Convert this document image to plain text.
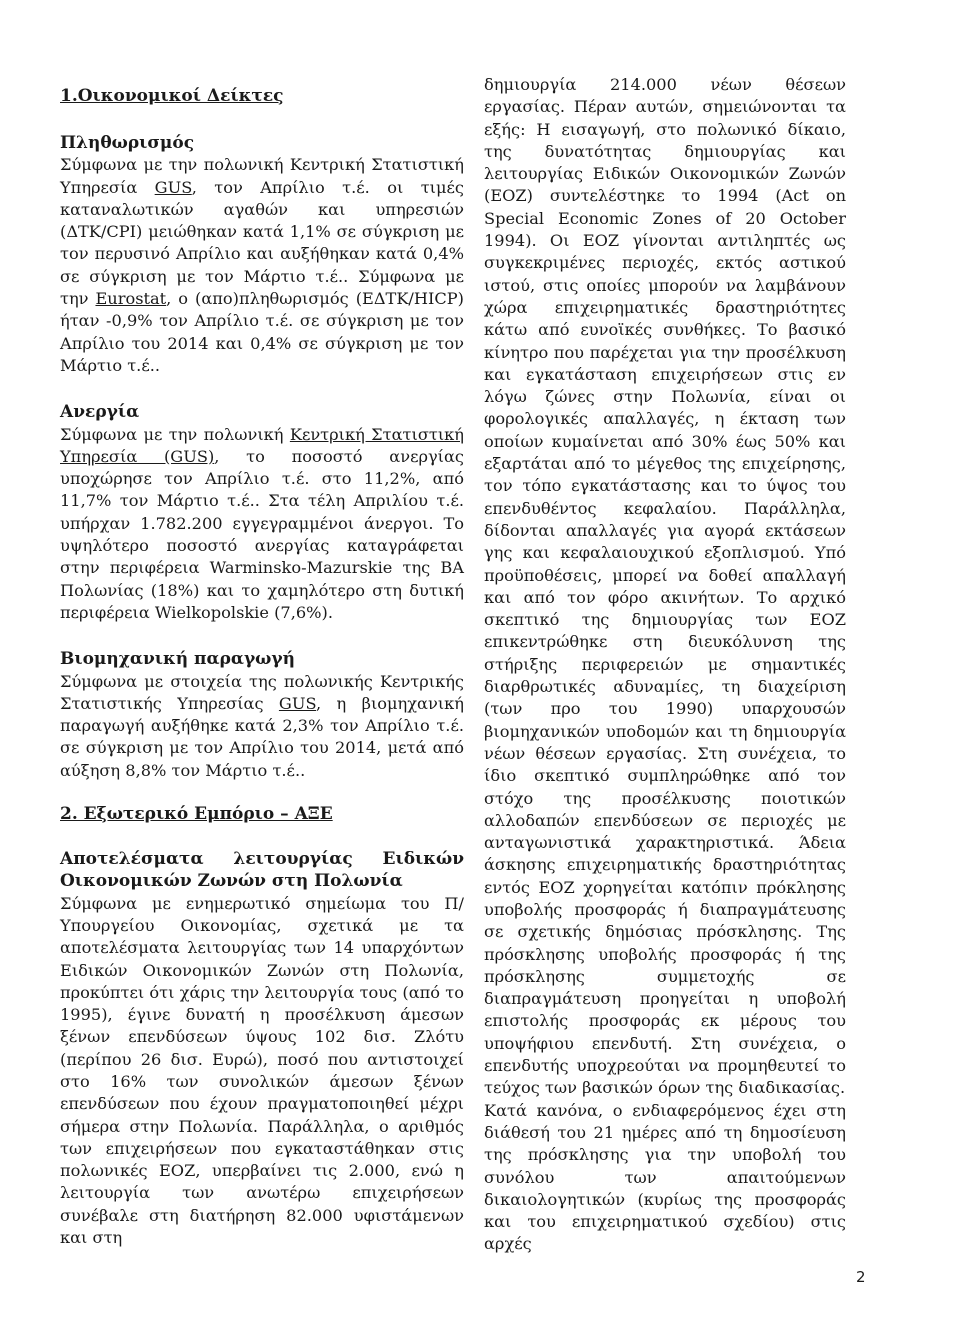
1.Οικονομικοί Δείκτες
Πληθωρισμός

Σύμφωνα με την πολωνική Κεντρική Στατιστική Υπηρεσία GUS, τον Απρίλιο τ.έ. οι τιμές καταναλωτικών αγαθών και υπηρεσιών (ΔΤΚ/CPI) μειώθηκαν κατά 1,1% σε σύγκριση με τον περυσινό Απρίλιο και αυξήθηκαν κατά 0,4% σε σύγκριση με τον Μάρτιο τ.έ.. Σύμφωνα με την Eurostat, ο (απο)πληθωρισμός (ΕΔΤΚ/HICP) ήταν -0,9% τον Απρίλιο τ.έ. σε σύγκριση με τον Απρίλιο του 2014 και 0,4% σε σύγκριση με τον Μάρτιο τ.έ..

Ανεργία

Σύμφωνα με την πολωνική Κεντρική Στατιστική Υπηρεσία (GUS), το ποσοστό ανεργίας υποχώρησε τον Απρίλιο τ.έ. στο 11,2%, από 11,7% τον Μάρτιο τ.έ.. Στα τέλη Απριλίου τ.έ. υπήρχαν 1.782.200 εγγεγραμμένοι άνεργοι. Το υψηλότερο ποσοστό ανεργίας καταγράφεται στην περιφέρεια Warminsko-Mazurskie της ΒΑ Πολωνίας (18%) και το χαμηλότερο στη δυτική περιφέρεια Wielkopolskie (7,6%).

Βιομηχανική παραγωγή

Σύμφωνα με στοιχεία της πολωνικής Κεντρικής Στατιστικής Υπηρεσίας GUS, η βιομηχανική παραγωγή αυξήθηκε κατά 2,3% τον Απρίλιο τ.έ. σε σύγκριση με τον Απρίλιο του 2014, μετά από αύξηση 8,8% τον Μάρτιο τ.έ..

2. Εξωτερικό Εμπόριο – ΑΞΕ
Αποτελέσματα λειτουργίας Ειδικών Οικονομικών Ζωνών στη Πολωνία

Σύμφωνα με ενημερωτικό σημείωμα του Π/Υπουργείου Οικονομίας, σχετικά με τα αποτελέσματα λειτουργίας των 14 υπαρχόντων Ειδικών Οικονομικών Ζωνών στη Πολωνία, προκύπτει ότι χάρις την λειτουργία τους (από το 1995), έγινε δυνατή η προσέλκυση άμεσων ξένων επενδύσεων ύψους 102 δισ. Ζλότυ (περίπου 26 δισ. Ευρώ), ποσό που αντιστοιχεί στο 16% των συνολικών άμεσων ξένων επενδύσεων που έχουν πραγματοποιηθεί μέχρι σήμερα στην Πολωνία. Παράλληλα, ο αριθμός των επιχειρήσεων που εγκαταστάθηκαν στις πολωνικές ΕΟΖ, υπερβαίνει τις 2.000, ενώ η λειτουργία των ανωτέρω επιχειρήσεων συνέβαλε στη διατήρηση 82.000 υφιστάμενων και στη

δημιουργία 214.000 νέων θέσεων εργασίας. Πέραν αυτών, σημειώνονται τα εξής: Η εισαγωγή, στο πολωνικό δίκαιο, της δυνατότητας δημιουργίας και λειτουργίας Ειδικών Οικονομικών Ζωνών (ΕΟΖ) συντελέστηκε το 1994 (Act on Special Economic Zones of 20 October 1994). Οι ΕΟΖ γίνονται αντιληπτές ως συγκεκριμένες περιοχές, εκτός αστικού ιστού, στις οποίες μπορούν να λαμβάνουν χώρα επιχειρηματικές δραστηριότητες κάτω από ευνοϊκές συνθήκες. Το βασικό κίνητρο που παρέχεται για την προσέλκυση και εγκατάσταση επιχειρήσεων στις εν λόγω ζώνες στην Πολωνία, είναι οι φορολογικές απαλλαγές, η έκταση των οποίων κυμαίνεται από 30% έως 50% και εξαρτάται από το μέγεθος της επιχείρησης, τον τόπο εγκατάστασης και το ύψος του επενδυθέντος κεφαλαίου. Παράλληλα, δίδονται απαλλαγές για αγορά εκτάσεων γης και κεφαλαιουχικού εξοπλισμού. Υπό προϋποθέσεις, μπορεί να δοθεί απαλλαγή και από τον φόρο ακινήτων. Το αρχικό σκεπτικό της δημιουργίας των ΕΟΖ επικεντρώθηκε στη διευκόλυνση της στήριξης περιφερειών με σημαντικές διαρθρωτικές αδυναμίες, τη διαχείριση (των προ του 1990) υπαρχουσών βιομηχανικών υποδομών και τη δημιουργία νέων θέσεων εργασίας. Στη συνέχεια, το ίδιο σκεπτικό συμπληρώθηκε από τον στόχο της προσέλκυσης ποιοτικών αλλοδαπών επενδύσεων σε περιοχές με ανταγωνιστικά χαρακτηριστικά. Άδεια άσκησης επιχειρηματικής δραστηριότητας εντός ΕΟΖ χορηγείται κατόπιν πρόκλησης υποβολής προσφοράς ή διαπραγμάτευσης σε σχετικής δημόσιας πρόσκλησης. Της πρόσκλησης υποβολής προσφοράς ή της πρόσκλησης συμμετοχής σε διαπραγμάτευση προηγείται η υποβολή επιστολής προσφοράς εκ μέρους του υποψήφιου επενδυτή. Στη συνέχεια, ο επενδυτής υποχρεούται να προμηθευτεί το τεύχος των βασικών όρων της διαδικασίας.

Κατά κανόνα, ο ενδιαφερόμενος έχει στη διάθεσή του 21 ημέρες από τη δημοσίευση της πρόσκλησης για την υποβολή του συνόλου των απαιτούμενων δικαιολογητικών (κυρίως της προσφοράς και του επιχειρηματικού σχεδίου) στις αρχές

2
